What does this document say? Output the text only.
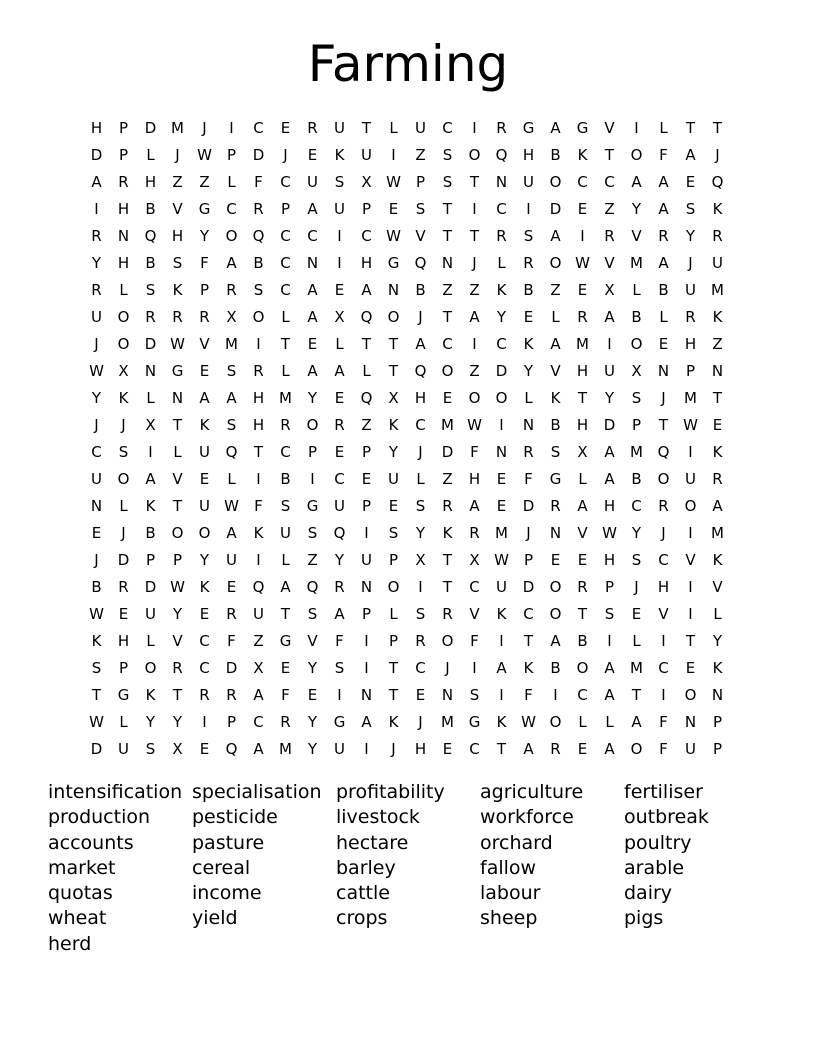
Farming
H	P	D	M	J	I	C	E	R	U	T	L	U	C	I	R	G	A	G	V	I	L	T	T
D	P	L	J	W	P	D	J	E	K	U	I	Z	S	O	Q	H	B	K	T	O	F	A	J
A	R	H	Z	Z	L	F	C	U	S	X	W	P	S	T	N	U	O	C	C	A	A	E	Q
I	H	B	V	G	C	R	P	A	U	P	E	S	T	I	C	I	D	E	Z	Y	A	S	K
R	N	Q	H	Y	O	Q	C	C	I	C	W	V	T	T	R	S	A	I	R	V	R	Y	R
Y	H	B	S	F	A	B	C	N	I	H	G	Q	N	J	L	R	O	W	V	M	A	J	U
R	L	S	K	P	R	S	C	A	E	A	N	B	Z	Z	K	B	Z	E	X	L	B	U	M
U	O	R	R	R	X	O	L	A	X	Q	O	J	T	A	Y	E	L	R	A	B	L	R	K
J	O	D	W	V	M	I	T	E	L	T	T	A	C	I	C	K	A	M	I	O	E	H	Z
W	X	N	G	E	S	R	L	A	A	L	T	Q	O	Z	D	Y	V	H	U	X	N	P	N
Y	K	L	N	A	A	H	M	Y	E	Q	X	H	E	O	O	L	K	T	Y	S	J	M	T
J	J	X	T	K	S	H	R	O	R	Z	K	C	M	W	I	N	B	H	D	P	T	W	E
C	S	I	L	U	Q	T	C	P	E	P	Y	J	D	F	N	R	S	X	A	M	Q	I	K
U	O	A	V	E	L	I	B	I	C	E	U	L	Z	H	E	F	G	L	A	B	O	U	R
N	L	K	T	U	W	F	S	G	U	P	E	S	R	A	E	D	R	A	H	C	R	O	A
E	J	B	O	O	A	K	U	S	Q	I	S	Y	K	R	M	J	N	V	W	Y	J	I	M
J	D	P	P	Y	U	I	L	Z	Y	U	P	X	T	X	W	P	E	E	H	S	C	V	K
B	R	D	W	K	E	Q	A	Q	R	N	O	I	T	C	U	D	O	R	P	J	H	I	V
W	E	U	Y	E	R	U	T	S	A	P	L	S	R	V	K	C	O	T	S	E	V	I	L
K	H	L	V	C	F	Z	G	V	F	I	P	R	O	F	I	T	A	B	I	L	I	T	Y
S	P	O	R	C	D	X	E	Y	S	I	T	C	J	I	A	K	B	O	A	M	C	E	K
T	G	K	T	R	R	A	F	E	I	N	T	E	N	S	I	F	I	C	A	T	I	O	N
W	L	Y	Y	I	P	C	R	Y	G	A	K	J	M	G	K	W	O	L	L	A	F	N	P
D	U	S	X	E	Q	A	M	Y	U	I	J	H	E	C	T	A	R	E	A	O	F	U	P
intensification specialisation profitability	agriculture	fertiliser
production	pesticide	livestock	workforce	outbreak
accounts	pasture	hectare	orchard	poultry
market	cereal	barley	fallow	arable
quotas	income	cattle	labour	dairy
wheat	yield	crops	sheep	pigs
herd
